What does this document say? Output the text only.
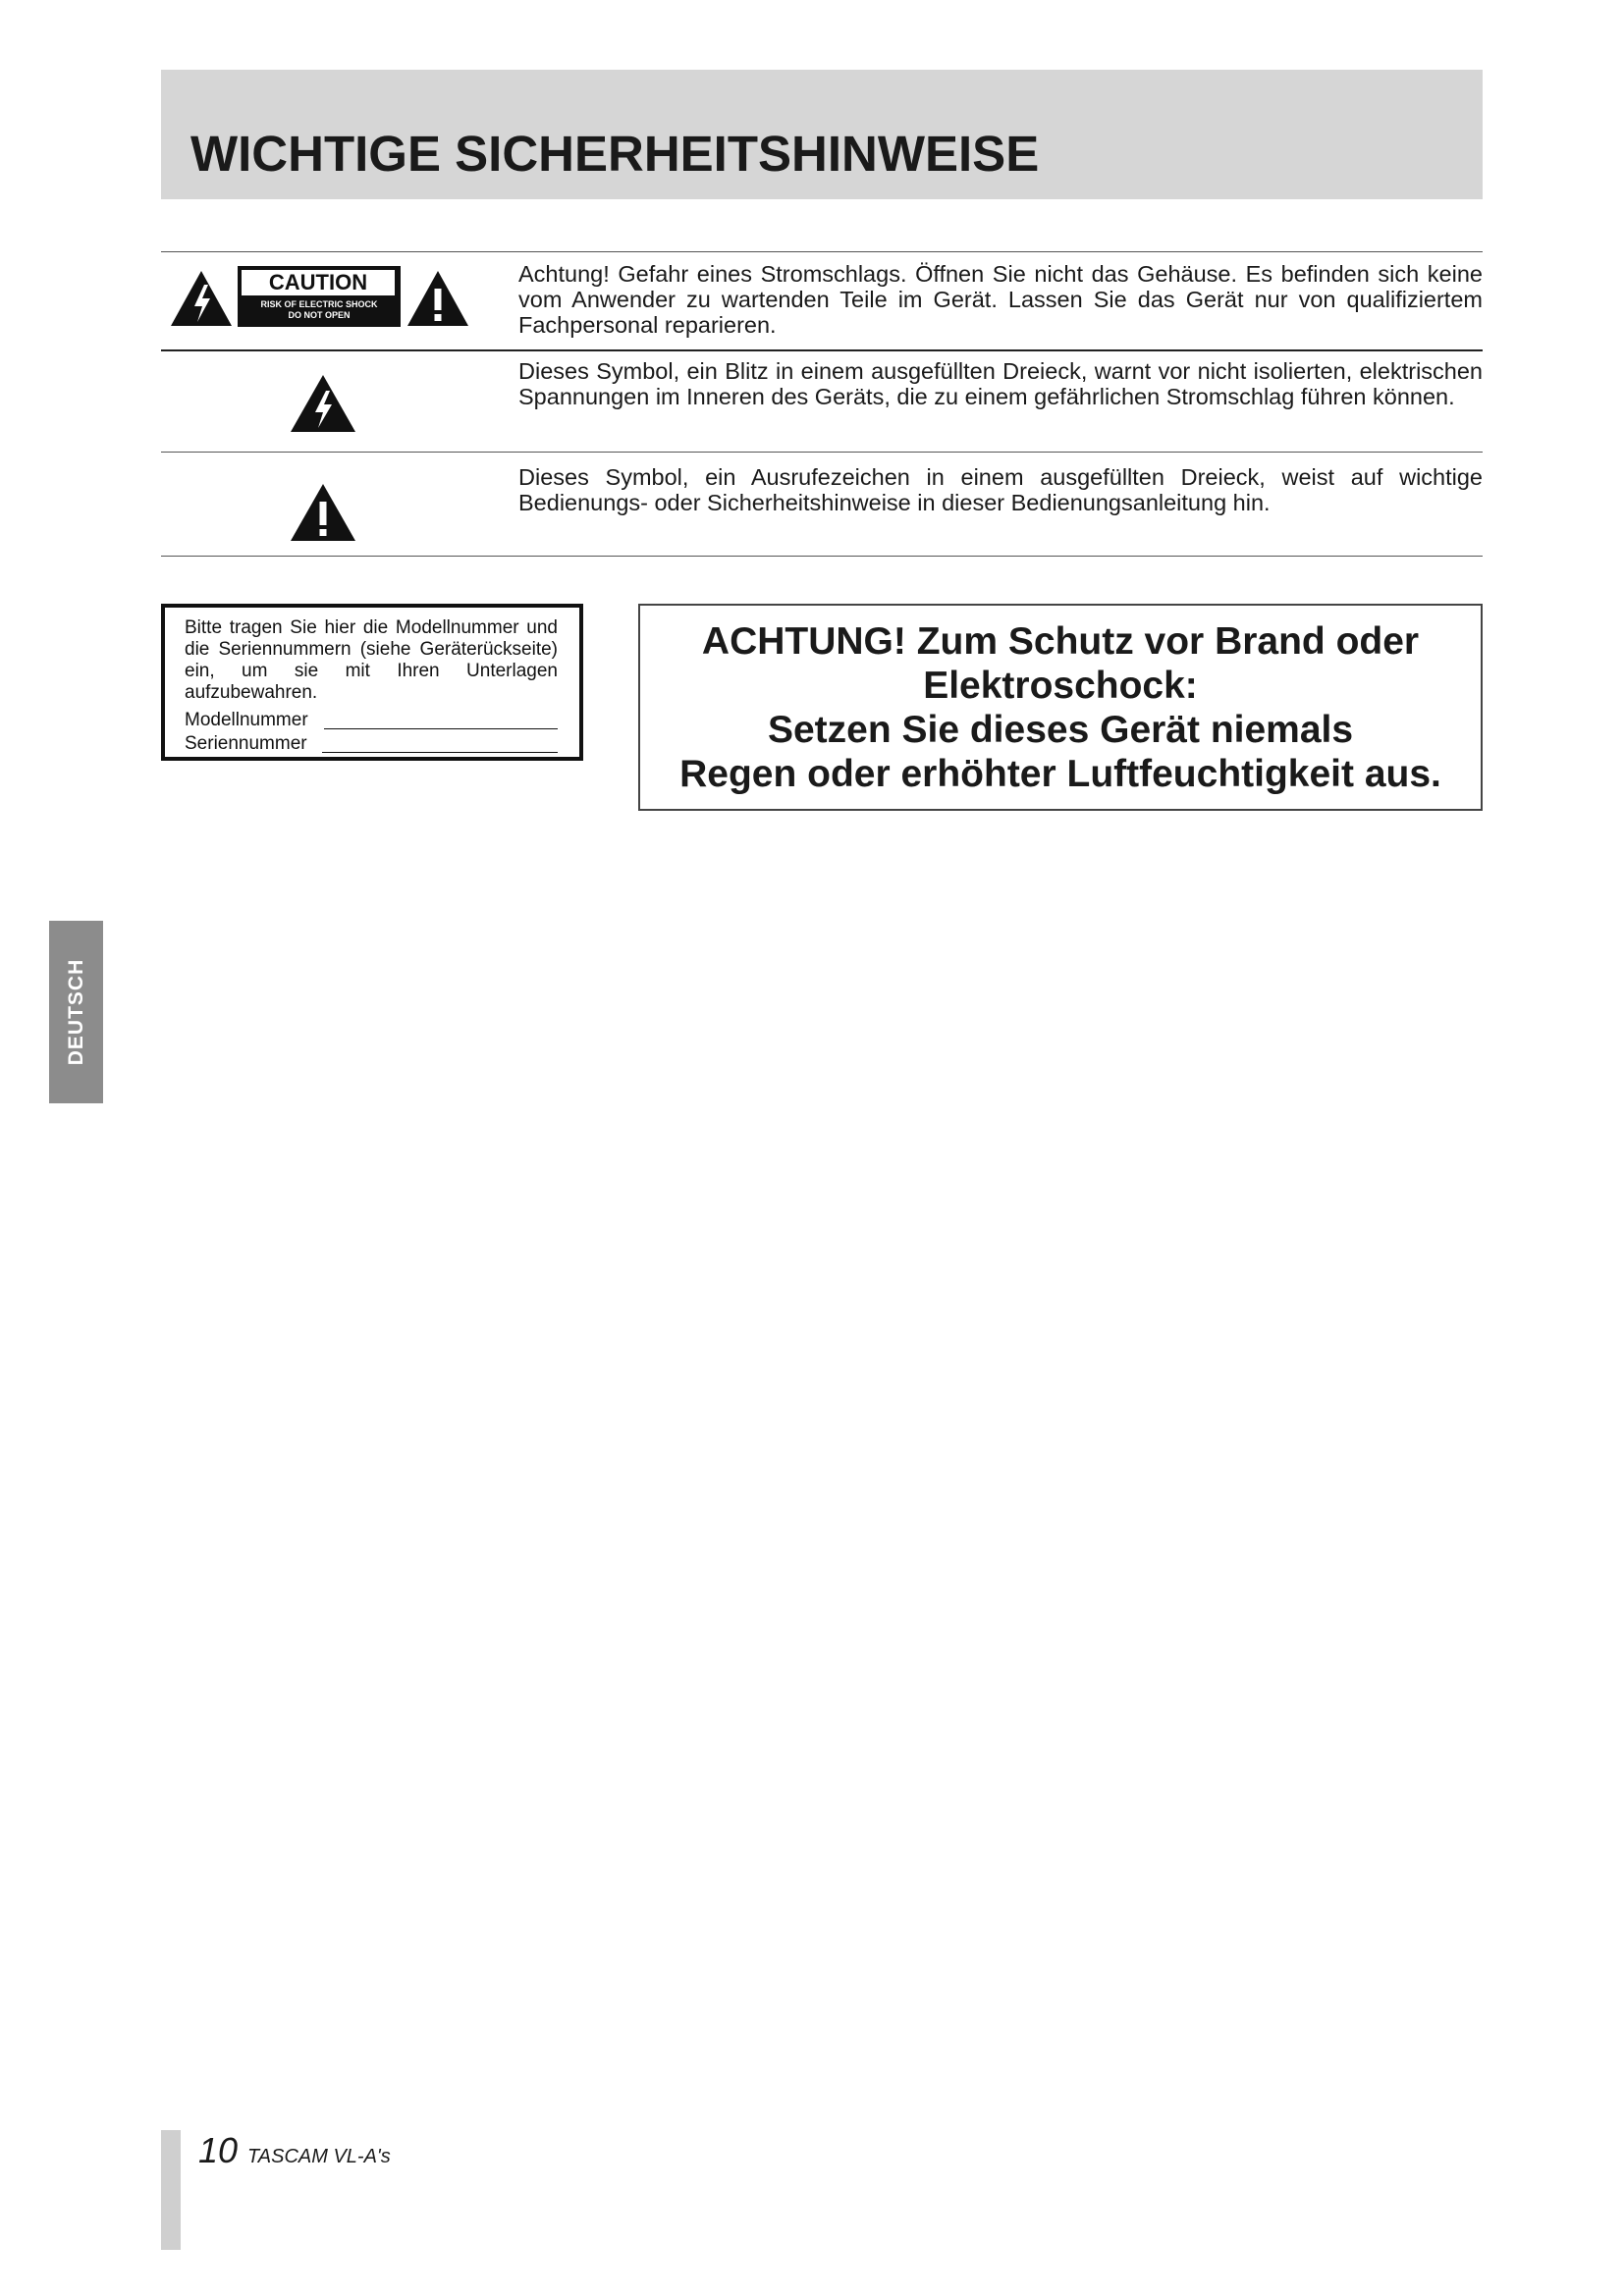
WICHTIGE SICHERHEITSHINWEISE
CAUTION
RISK OF ELECTRIC SHOCK
DO NOT OPEN
Achtung! Gefahr eines Stromschlags. Öffnen Sie nicht das Gehäuse. Es befinden sich keine vom Anwender zu wartenden Teile im Gerät. Lassen Sie das Gerät nur von qualifiziertem Fachpersonal reparieren.
Dieses Symbol, ein Blitz in einem ausgefüllten Dreieck, warnt vor nicht isolierten, elektrischen Spannungen im Inneren des Geräts, die zu einem gefährlichen Stromschlag führen können.
Dieses Symbol, ein Ausrufezeichen in einem ausgefüllten Dreieck, weist auf wichtige Bedienungs- oder Sicherheitshinweise in dieser Bedienungsanleitung hin.
Bitte tragen Sie hier die Modellnummer und die Seriennummern (siehe Geräterückseite) ein, um sie mit Ihren Unterlagen aufzubewahren.
Modellnummer
Seriennummer
ACHTUNG! Zum Schutz vor Brand oder
Elektroschock:
Setzen Sie dieses Gerät niemals
Regen oder erhöhter Luftfeuchtigkeit aus.
DEUTSCH
10 TASCAM VL-A's
